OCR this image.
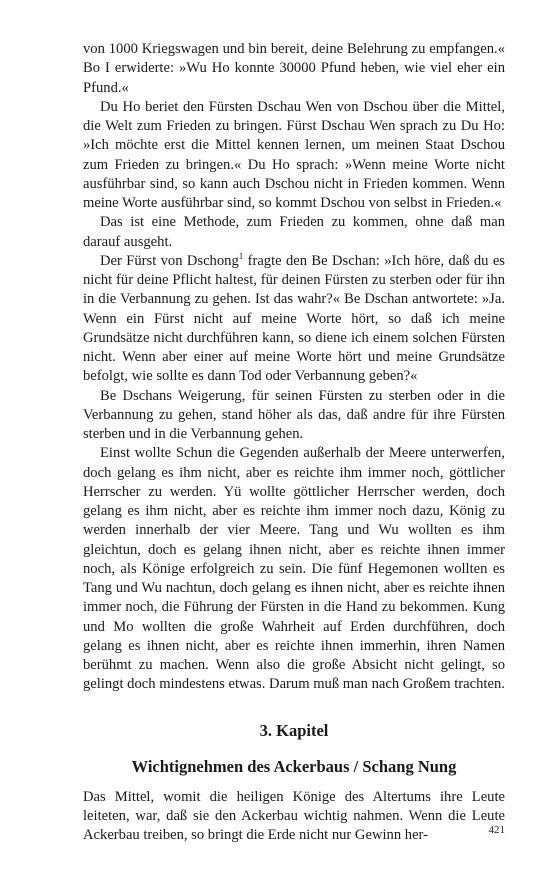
von 1000 Kriegswagen und bin bereit, deine Belehrung zu empfangen.« Bo I erwiderte: »Wu Ho konnte 30000 Pfund heben, wie viel eher ein Pfund.«

Du Ho beriet den Fürsten Dschau Wen von Dschou über die Mittel, die Welt zum Frieden zu bringen. Fürst Dschau Wen sprach zu Du Ho: »Ich möchte erst die Mittel kennen lernen, um meinen Staat Dschou zum Frieden zu bringen.« Du Ho sprach: »Wenn meine Worte nicht ausführbar sind, so kann auch Dschou nicht in Frieden kommen. Wenn meine Worte ausführbar sind, so kommt Dschou von selbst in Frieden.«

Das ist eine Methode, zum Frieden zu kommen, ohne daß man darauf ausgeht.

Der Fürst von Dschong$^1$ fragte den Be Dschan: »Ich höre, daß du es nicht für deine Pflicht haltest, für deinen Fürsten zu sterben oder für ihn in die Verbannung zu gehen. Ist das wahr?« Be Dschan antwortete: »Ja. Wenn ein Fürst nicht auf meine Worte hört, so daß ich meine Grundsätze nicht durchführen kann, so diene ich einem solchen Fürsten nicht. Wenn aber einer auf meine Worte hört und meine Grundsätze befolgt, wie sollte es dann Tod oder Verbannung geben?«

Be Dschans Weigerung, für seinen Fürsten zu sterben oder in die Verbannung zu gehen, stand höher als das, daß andre für ihre Fürsten sterben und in die Verbannung gehen.

Einst wollte Schun die Gegenden außerhalb der Meere unterwerfen, doch gelang es ihm nicht, aber es reichte ihm immer noch, göttlicher Herrscher zu werden. Yü wollte göttlicher Herrscher werden, doch gelang es ihm nicht, aber es reichte ihm immer noch dazu, König zu werden innerhalb der vier Meere. Tang und Wu wollten es ihm gleichtun, doch es gelang ihnen nicht, aber es reichte ihnen immer noch, als Könige erfolgreich zu sein. Die fünf Hegemonen wollten es Tang und Wu nachtun, doch gelang es ihnen nicht, aber es reichte ihnen immer noch, die Führung der Fürsten in die Hand zu bekommen. Kung und Mo wollten die große Wahrheit auf Erden durchführen, doch gelang es ihnen nicht, aber es reichte ihnen immerhin, ihren Namen berühmt zu machen. Wenn also die große Absicht nicht gelingt, so gelingt doch mindestens etwas. Darum muß man nach Großem trachten.

3. Kapitel
Wichtignehmen des Ackerbaus / Schang Nung

Das Mittel, womit die heiligen Könige des Altertums ihre Leute leiteten, war, daß sie den Ackerbau wichtig nahmen. Wenn die Leute Ackerbau treiben, so bringt die Erde nicht nur Gewinn her-	421
